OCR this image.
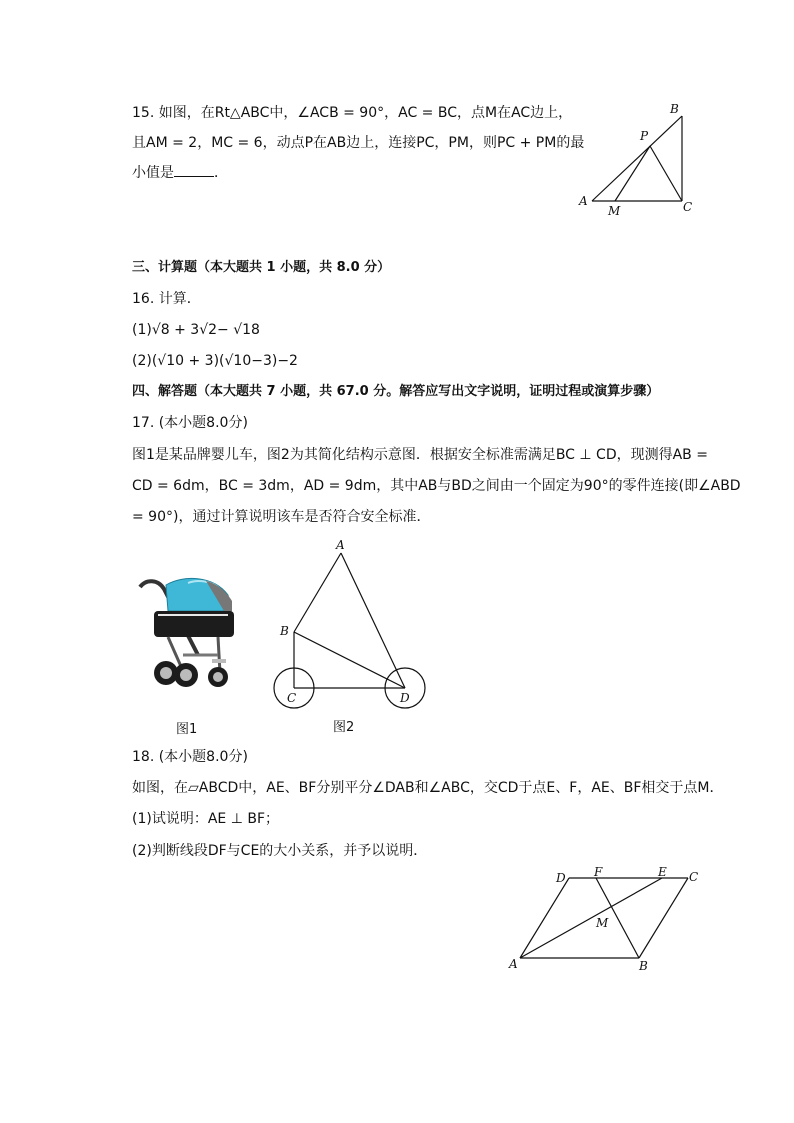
15. 如图，在Rt△ABC中，∠ACB = 90°，AC = BC，点M在AC边上，
且AM = 2，MC = 6，动点P在AB边上，连接PC，PM，则PC + PM的最
小值是	．
A
B
C
M
P
三、计算题（本大题共 1 小题，共 8.0 分）
16. 计算．
(1)√8 + 3√2− √18
(2)(√10 + 3)(√10−3)−2
四、解答题（本大题共 7 小题，共 67.0 分。解答应写出文字说明，证明过程或演算步骤）
17. (本小题8.0分)
图1是某品牌婴儿车，图2为其简化结构示意图．根据安全标准需满足BC ⊥ CD，现测得AB =
CD = 6dm，BC = 3dm，AD = 9dm，其中AB与BD之间由一个固定为90°的零件连接(即∠ABD
= 90°)，通过计算说明该车是否符合安全标准．
图1
A
B
C	D
图2
18. (本小题8.0分)
如图，在▱ABCD中，AE、BF分别平分∠DAB和∠ABC，交CD于点E、F，AE、BF相交于点M．
(1)试说明：AE ⊥ BF；
(2)判断线段DF与CE的大小关系，并予以说明．
A	B
C
D	E
F
M
